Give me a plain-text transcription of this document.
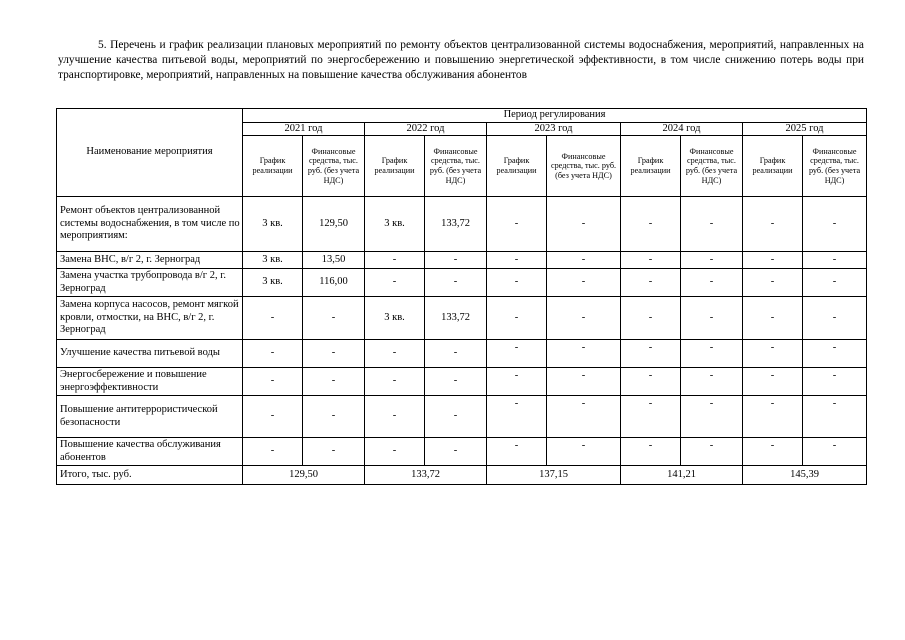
5. Перечень и график реализации плановых мероприятий по ремонту объектов централизованной системы водоснабжения, мероприятий, направленных на улучшение качества питьевой воды, мероприятий по энергосбережению и повышению энергетической эффективности, в том числе снижению потерь воды при транспортировке, мероприятий, направленных на повышение качества обслуживания абонентов
Наименование мероприятия	Период регулирования									
	2021 год		2022 год		2023 год		2024 год		2025 год	
	График реализации	Финансовые средства, тыс. руб. (без учета НДС)	График реализации	Финансовые средства, тыс. руб. (без учета НДС)	График реализации	Финансовые средства, тыс. руб. (без учета НДС)	График реализации	Финансовые средства, тыс. руб. (без учета НДС)	График реализации	Финансовые средства, тыс. руб. (без учета НДС)
Ремонт объектов централизованной системы водоснабжения, в том числе по мероприятиям:	3 кв.	129,50	3 кв.	133,72	-	-	-	-	-	-
Замена ВНС, в/г 2, г. Зерноград	3 кв.	13,50	-	-	-	-	-	-	-	-
Замена участка трубопровода в/г 2, г. Зерноград	3 кв.	116,00	-	-	-	-	-	-	-	-
Замена корпуса насосов, ремонт мягкой кровли, отмостки, на ВНС, в/г 2, г. Зерноград	-	-	3 кв.	133,72	-	-	-	-	-	-
Улучшение качества питьевой воды	-	-	-	-	-	-	-	-	-	-
Энергосбережение и повышение энергоэффективности	-	-	-	-	-	-	-	-	-	-
Повышение антитеррористической безопасности	-	-	-	-	-	-	-	-	-	-
Повышение качества обслуживания абонентов	-	-	-	-	-	-	-	-	-	-
Итого, тыс. руб.	129,50		133,72		137,15		141,21		145,39	
